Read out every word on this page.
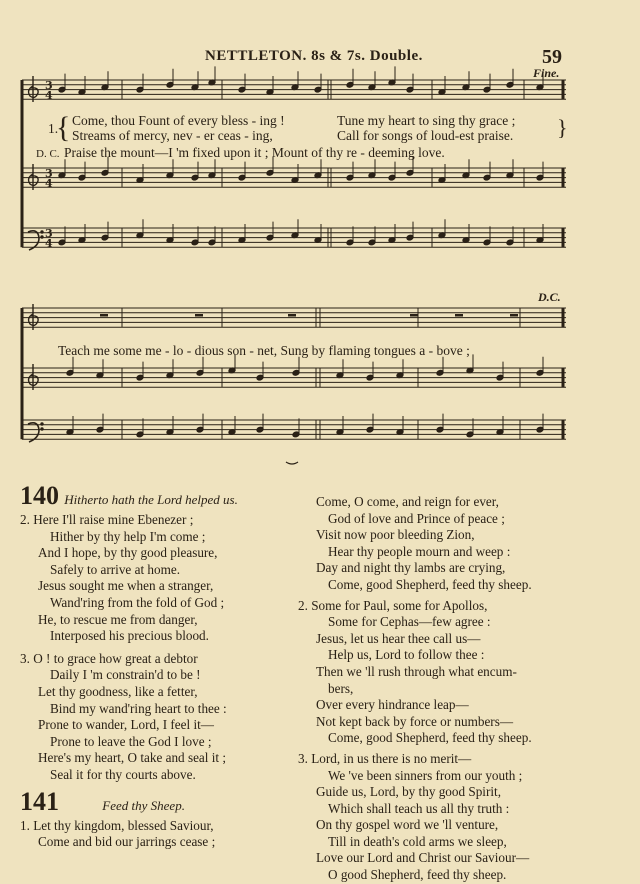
NETTLETON. 8s & 7s. Double.	59
3
4
3
4
3
4
Fine.
D.C.
{	}
1.
Come, thou Fount of every bless - ing !	Tune my heart to sing thy grace ;
Streams of mercy, nev - er ceas - ing,	Call for songs of loud-est praise.
D. C. Praise the mount—I 'm fixed upon it ; Mount of thy re - deeming love.
Teach me some me - lo - dious son - net, Sung by flaming tongues a - bove ;
140 Hitherto hath the Lord helped us.
2. Here I'll raise mine Ebenezer ;
Hither by thy help I'm come ;
And I hope, by thy good pleasure,
Safely to arrive at home.
Jesus sought me when a stranger,
Wand'ring from the fold of God ;
He, to rescue me from danger,
Interposed his precious blood.
3. O ! to grace how great a debtor
Daily I 'm constrain'd to be !
Let thy goodness, like a fetter,
Bind my wand'ring heart to thee :
Prone to wander, Lord, I feel it—
Prone to leave the God I love ;
Here's my heart, O take and seal it ;
Seal it for thy courts above.
141	Feed thy Sheep.
1. Let thy kingdom, blessed Saviour,
Come and bid our jarrings cease ;
Come, O come, and reign for ever,
God of love and Prince of peace ;
Visit now poor bleeding Zion,
Hear thy people mourn and weep :
Day and night thy lambs are crying,
Come, good Shepherd, feed thy sheep.
2. Some for Paul, some for Apollos,
Some for Cephas—few agree :
Jesus, let us hear thee call us—
Help us, Lord to follow thee :
Then we 'll rush through what encum-
bers,
Over every hindrance leap—
Not kept back by force or numbers—
Come, good Shepherd, feed thy sheep.
3. Lord, in us there is no merit—
We 've been sinners from our youth ;
Guide us, Lord, by thy good Spirit,
Which shall teach us all thy truth :
On thy gospel word we 'll venture,
Till in death's cold arms we sleep,
Love our Lord and Christ our Saviour—
O good Shepherd, feed thy sheep.
